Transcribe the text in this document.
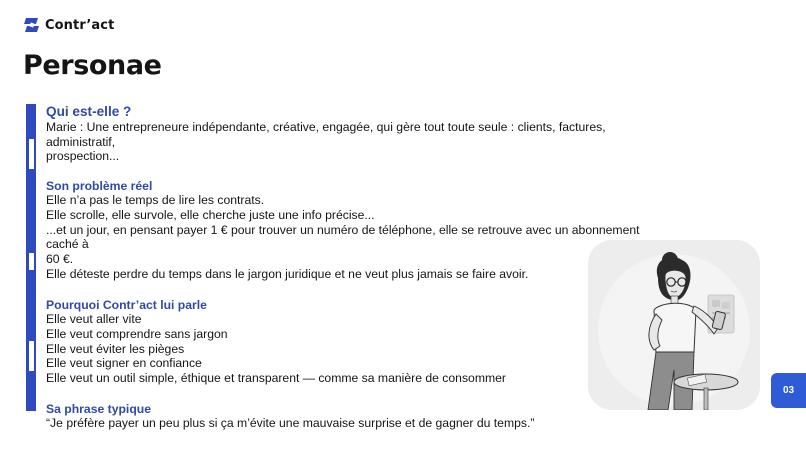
Contr’act
Personae
Qui est-elle ?
Marie : Une entrepreneure indépendante, créative, engagée, qui gère tout toute seule : clients, factures, administratif,
prospection...
Son problème réel
Elle n’a pas le temps de lire les contrats.
Elle scrolle, elle survole, elle cherche juste une info précise...
...et un jour, en pensant payer 1 € pour trouver un numéro de téléphone, elle se retrouve avec un abonnement caché à
60 €.
Elle déteste perdre du temps dans le jargon juridique et ne veut plus jamais se faire avoir.
Pourquoi Contr’act lui parle
Elle veut aller vite
Elle veut comprendre sans jargon
Elle veut éviter les pièges
Elle veut signer en confiance
Elle veut un outil simple, éthique et transparent — comme sa manière de consommer
Sa phrase typique
“Je préfère payer un peu plus si ça m’évite une mauvaise surprise et de gagner du temps.”
03
